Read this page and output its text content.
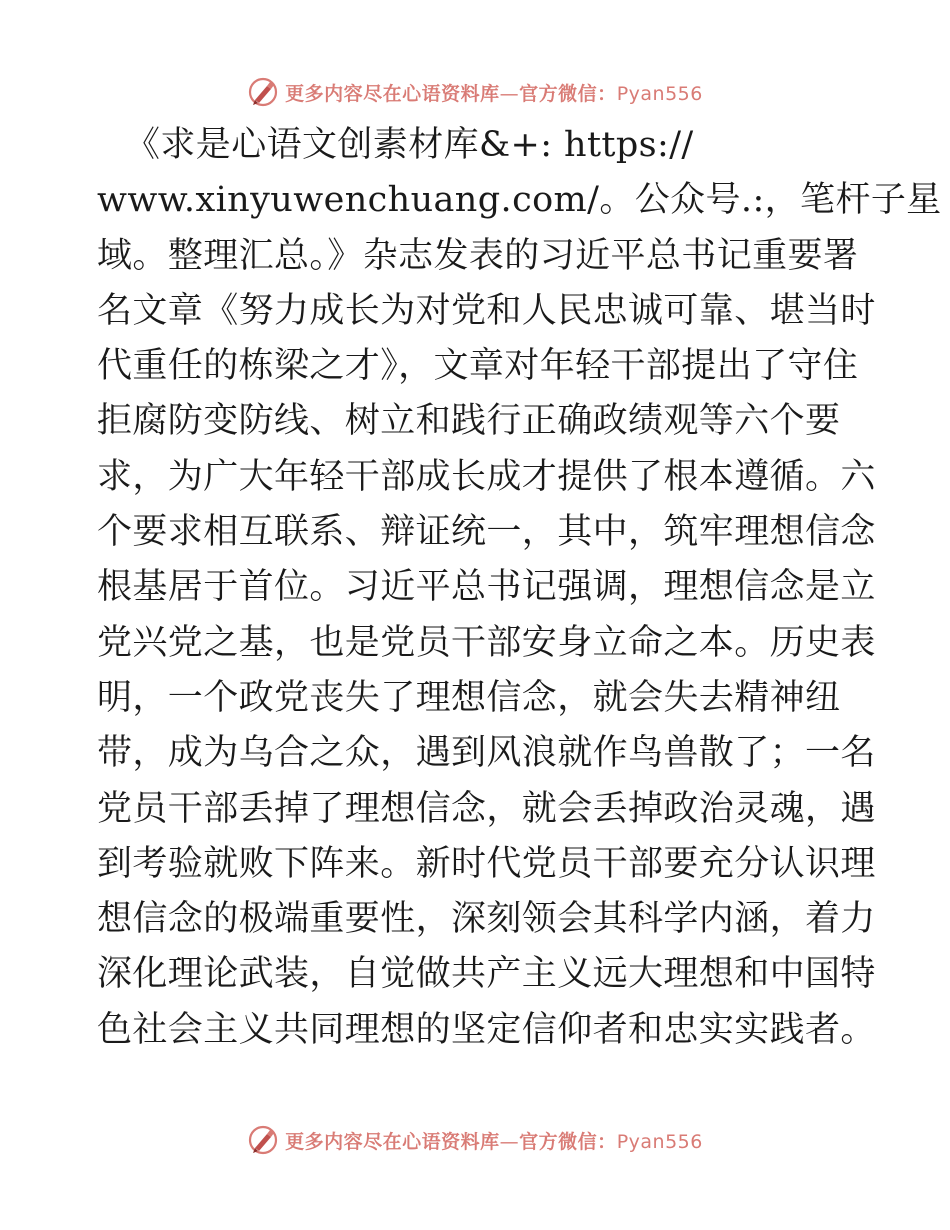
更多内容尽在心语资料库—官方微信：Pyan556
《求是心语文创素材库&+: https://
www.xinyuwenchuang.com/。公众号.:，笔杆子星
域。整理汇总。》杂志发表的习近平总书记重要署
名文章《努力成长为对党和人民忠诚可靠、堪当时
代重任的栋梁之才》，文章对年轻干部提出了守住
拒腐防变防线、树立和践行正确政绩观等六个要
求，为广大年轻干部成长成才提供了根本遵循。六
个要求相互联系、辩证统一，其中，筑牢理想信念
根基居于首位。习近平总书记强调，理想信念是立
党兴党之基，也是党员干部安身立命之本。历史表
明，一个政党丧失了理想信念，就会失去精神纽
带，成为乌合之众，遇到风浪就作鸟兽散了；一名
党员干部丢掉了理想信念，就会丢掉政治灵魂，遇
到考验就败下阵来。新时代党员干部要充分认识理
想信念的极端重要性，深刻领会其科学内涵，着力
深化理论武装，自觉做共产主义远大理想和中国特
色社会主义共同理想的坚定信仰者和忠实实践者。
更多内容尽在心语资料库—官方微信：Pyan556
